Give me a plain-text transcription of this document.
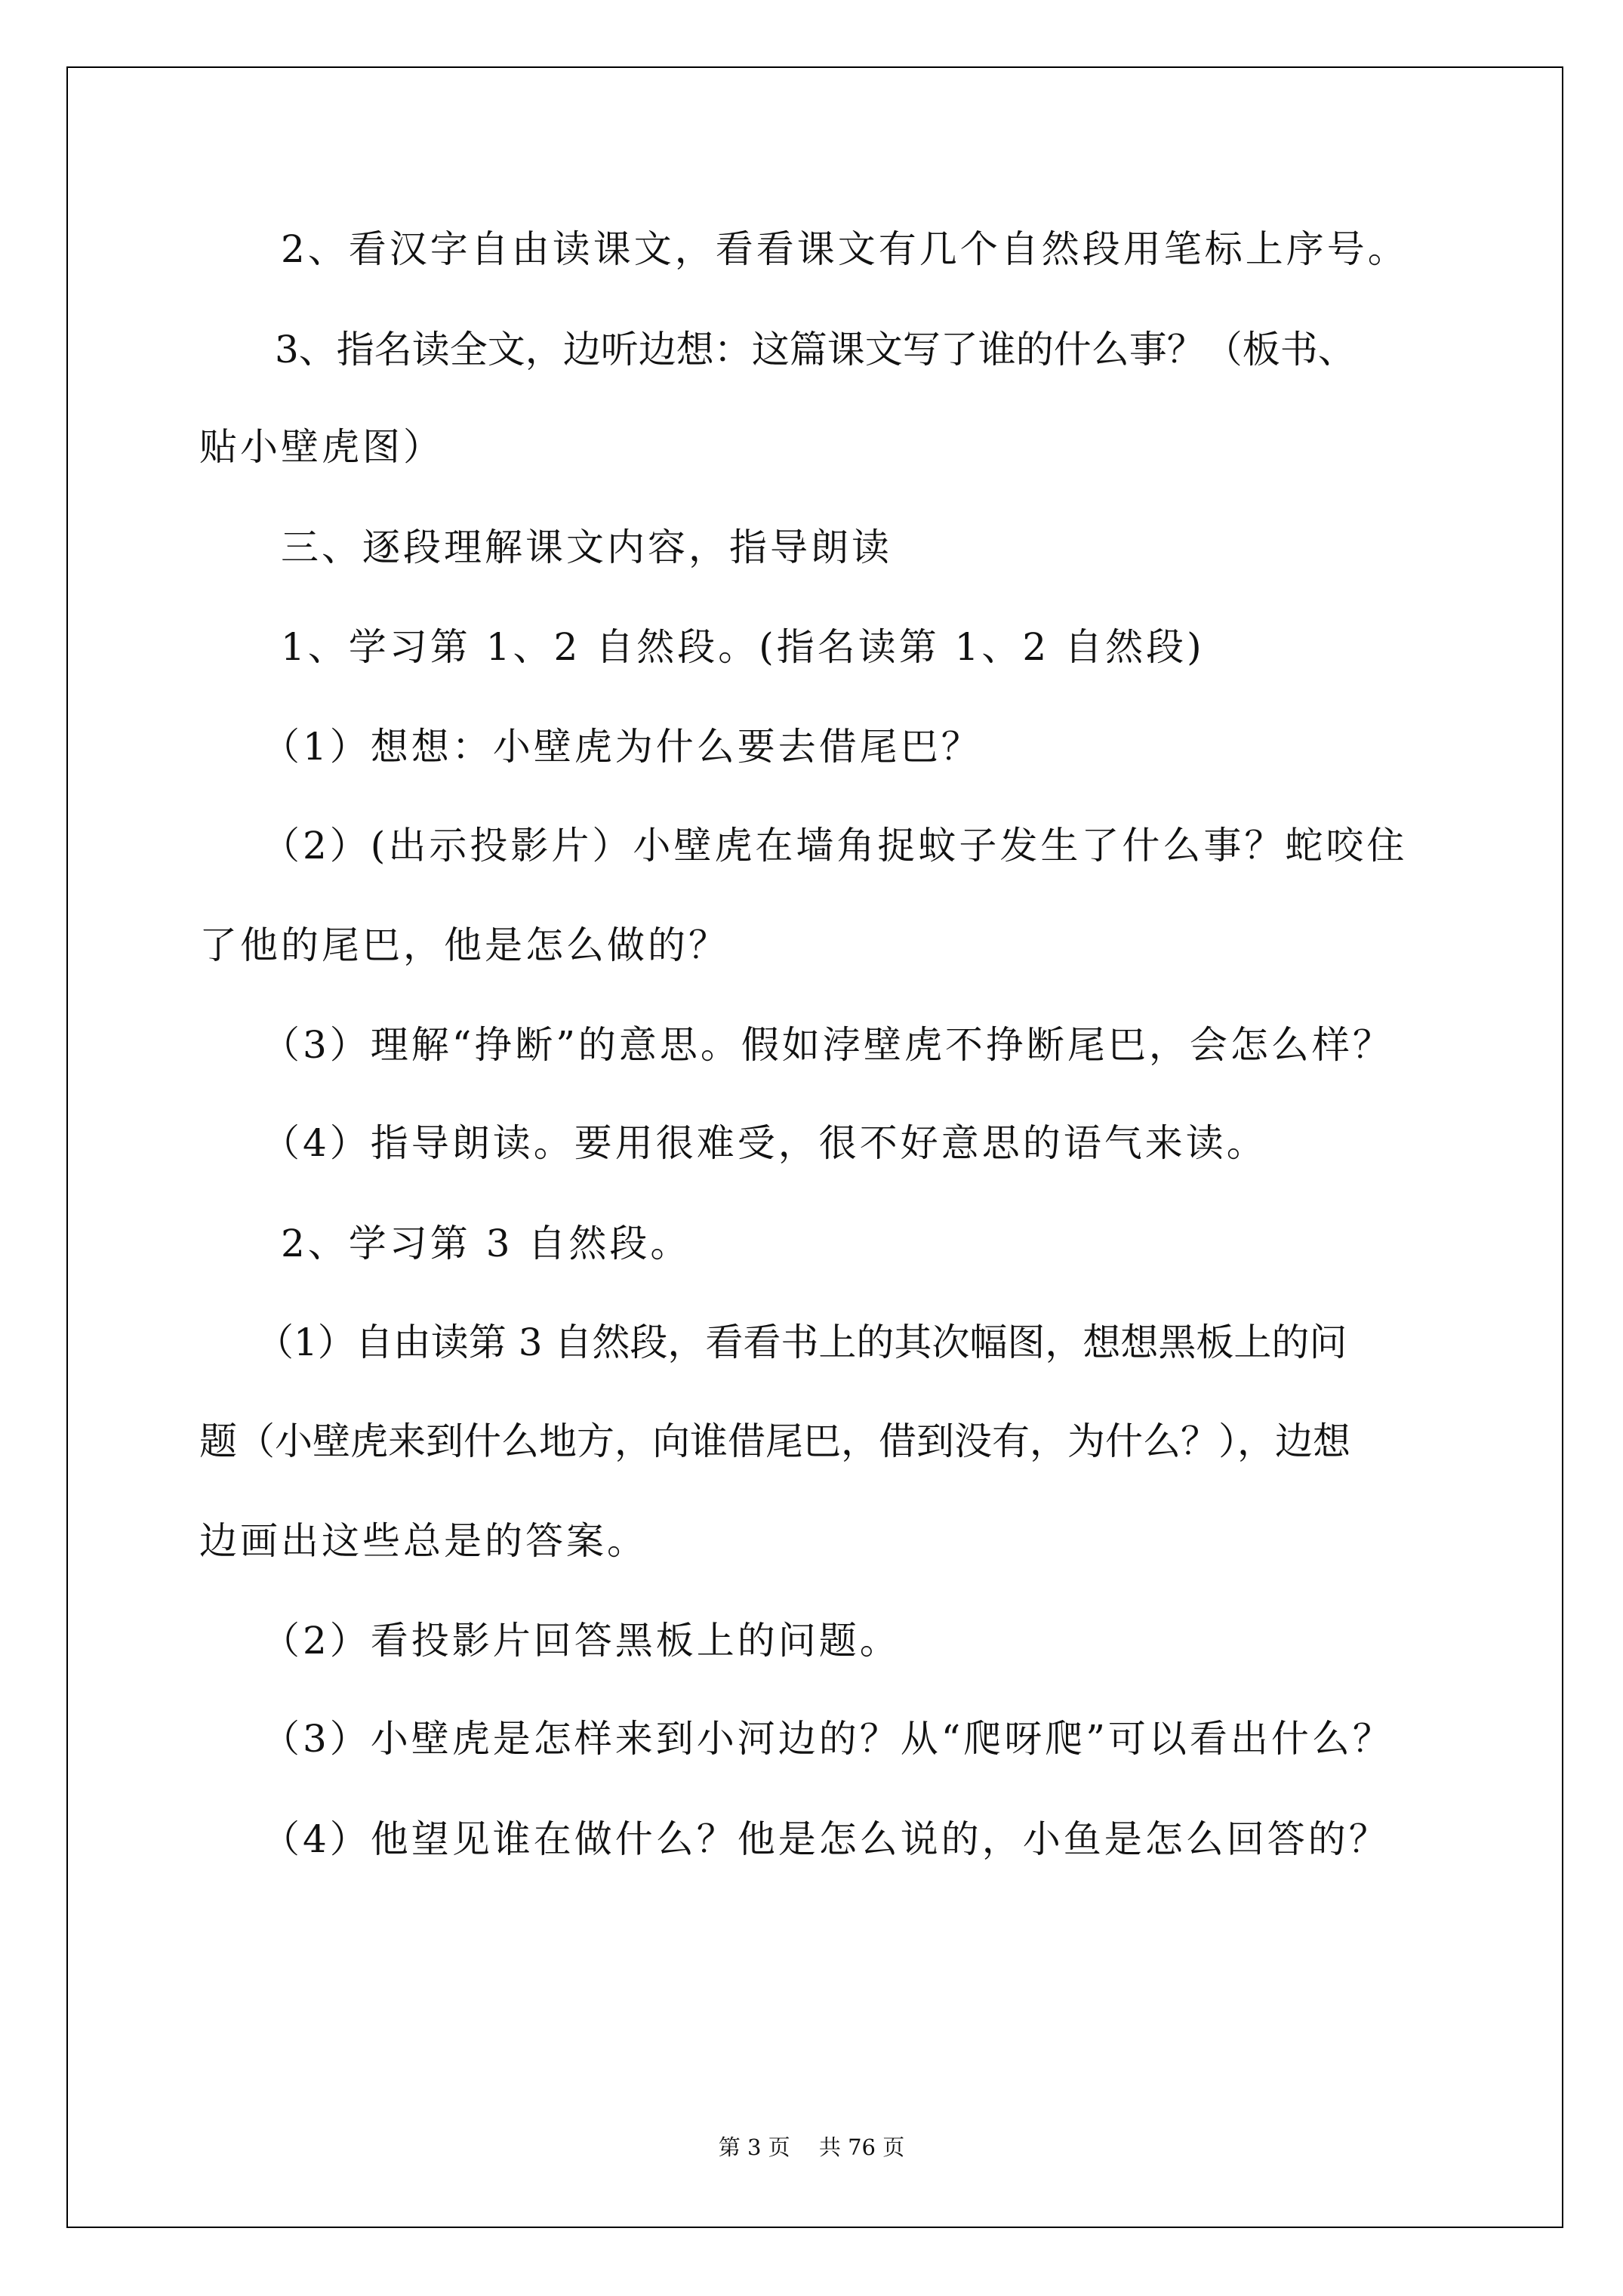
　　2、看汉字自由读课文，看看课文有几个自然段用笔标上序号。
　　3、指名读全文，边听边想：这篇课文写了谁的什么事？（板书、
贴小壁虎图）
　　三、逐段理解课文内容，指导朗读
　　1、学习第 1、2 自然段。(指名读第 1、2 自然段)
　　（1）想想：小壁虎为什么要去借尾巴？
　　（2）(出示投影片）小壁虎在墙角捉蚊子发生了什么事？蛇咬住
了他的尾巴，他是怎么做的？
　　（3）理解“挣断”的意思。假如浡壁虎不挣断尾巴，会怎么样？
　　（4）指导朗读。要用很难受，很不好意思的语气来读。
　　2、学习第 3 自然段。
　　（1）自由读第 3 自然段，看看书上的其次幅图，想想黑板上的问
题（小壁虎来到什么地方，向谁借尾巴，借到没有，为什么？），边想
边画出这些总是的答案。
　　（2）看投影片回答黑板上的问题。
　　（3）小壁虎是怎样来到小河边的？从“爬呀爬”可以看出什么？
　　（4）他望见谁在做什么？他是怎么说的，小鱼是怎么回答的？
第 3 页　 共 76 页
